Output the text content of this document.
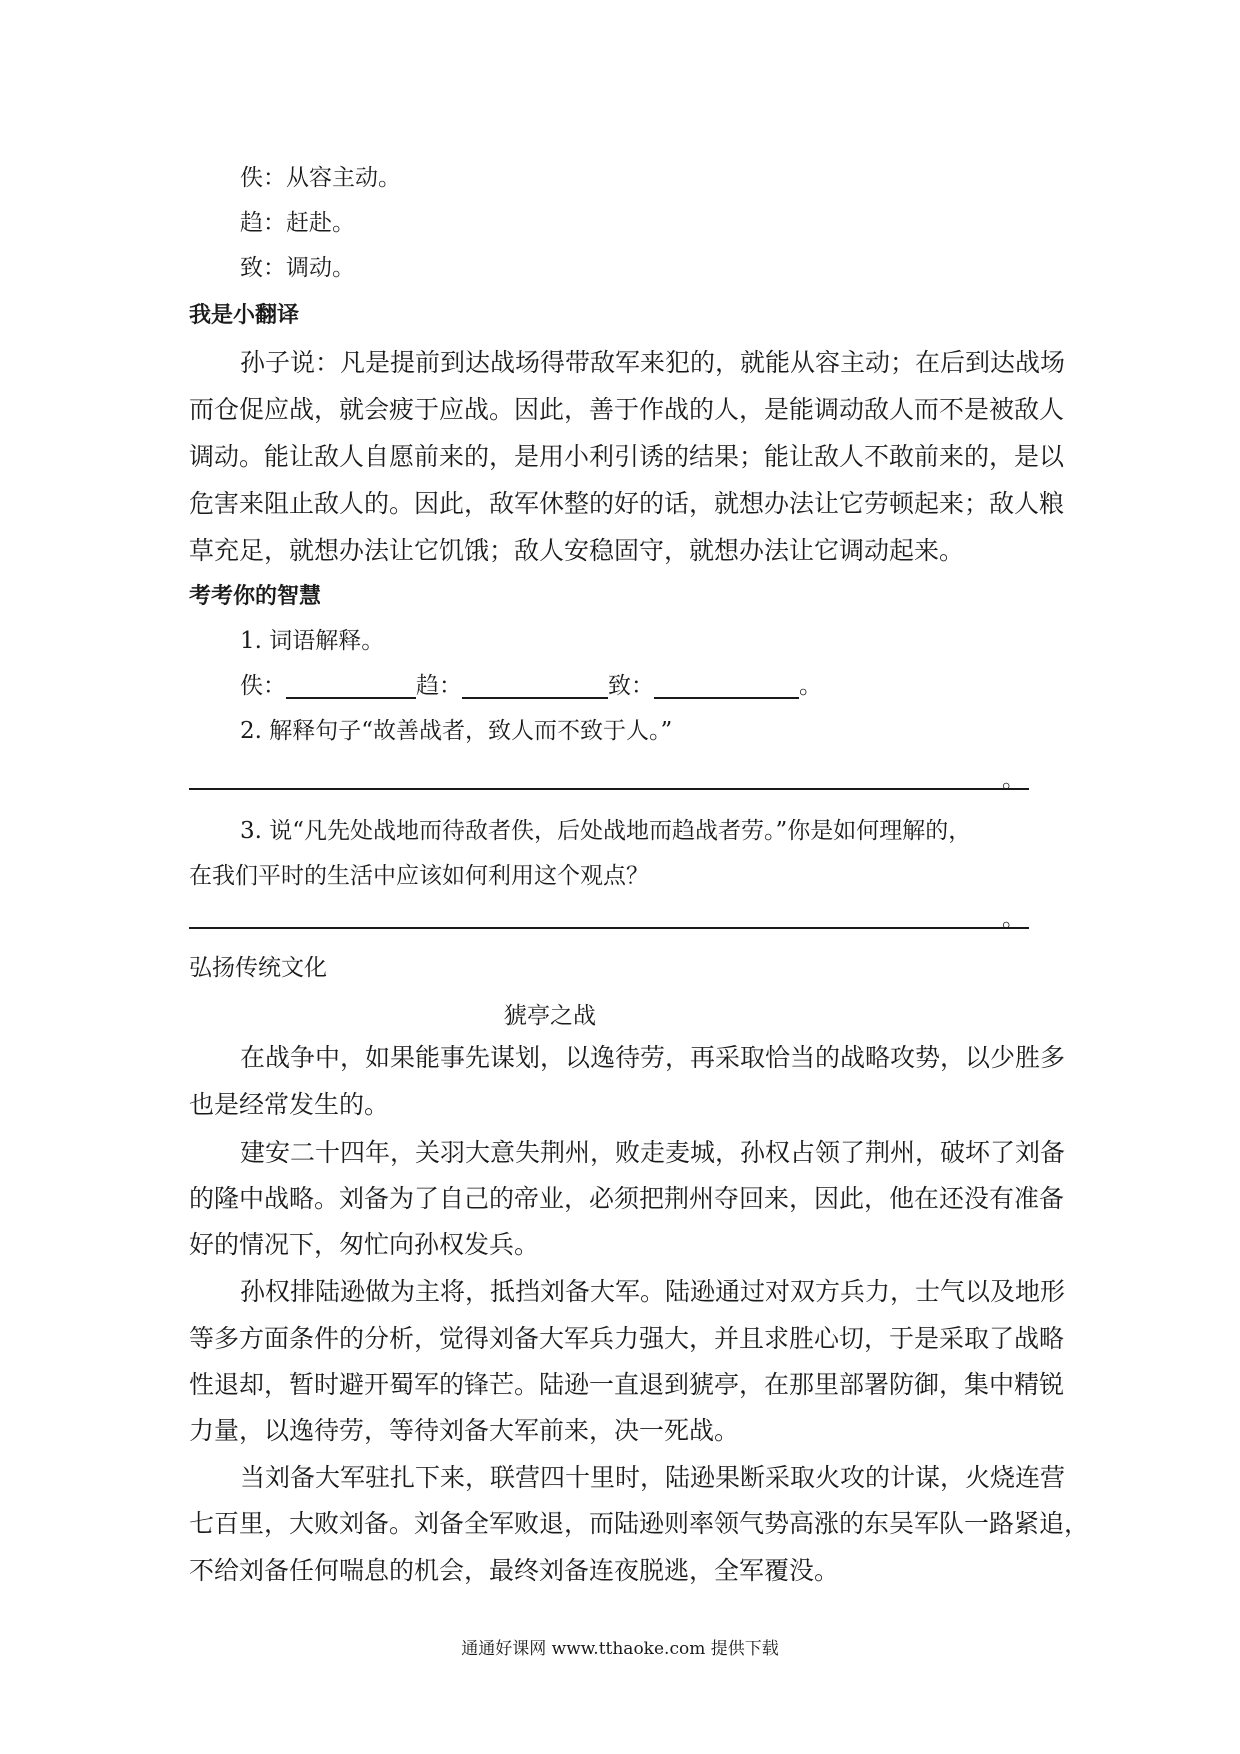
佚：从容主动。
趋：赶赴。
致：调动。
我是小翻译
孙子说：凡是提前到达战场得带敌军来犯的，就能从容主动；在后到达战场
而仓促应战，就会疲于应战。因此，善于作战的人，是能调动敌人而不是被敌人
调动。能让敌人自愿前来的，是用小利引诱的结果；能让敌人不敢前来的，是以
危害来阻止敌人的。因此，敌军休整的好的话，就想办法让它劳顿起来；敌人粮
草充足，就想办法让它饥饿；敌人安稳固守，就想办法让它调动起来。
考考你的智慧
1. 词语解释。
佚：	趋：	致：	。
2. 解释句子“故善战者，致人而不致于人。”
。
3. 说“凡先处战地而待敌者佚，后处战地而趋战者劳。”你是如何理解的，
在我们平时的生活中应该如何利用这个观点？
。
弘扬传统文化
猇亭之战
在战争中，如果能事先谋划，以逸待劳，再采取恰当的战略攻势，以少胜多
也是经常发生的。
建安二十四年，关羽大意失荆州，败走麦城，孙权占领了荆州，破坏了刘备
的隆中战略。刘备为了自己的帝业，必须把荆州夺回来，因此，他在还没有准备
好的情况下，匆忙向孙权发兵。
孙权排陆逊做为主将，抵挡刘备大军。陆逊通过对双方兵力，士气以及地形
等多方面条件的分析，觉得刘备大军兵力强大，并且求胜心切，于是采取了战略
性退却，暂时避开蜀军的锋芒。陆逊一直退到猇亭，在那里部署防御，集中精锐
力量，以逸待劳，等待刘备大军前来，决一死战。
当刘备大军驻扎下来，联营四十里时，陆逊果断采取火攻的计谋，火烧连营
七百里，大败刘备。刘备全军败退，而陆逊则率领气势高涨的东吴军队一路紧追，
不给刘备任何喘息的机会，最终刘备连夜脱逃，全军覆没。
通通好课网 www.tthaoke.com 提供下载
